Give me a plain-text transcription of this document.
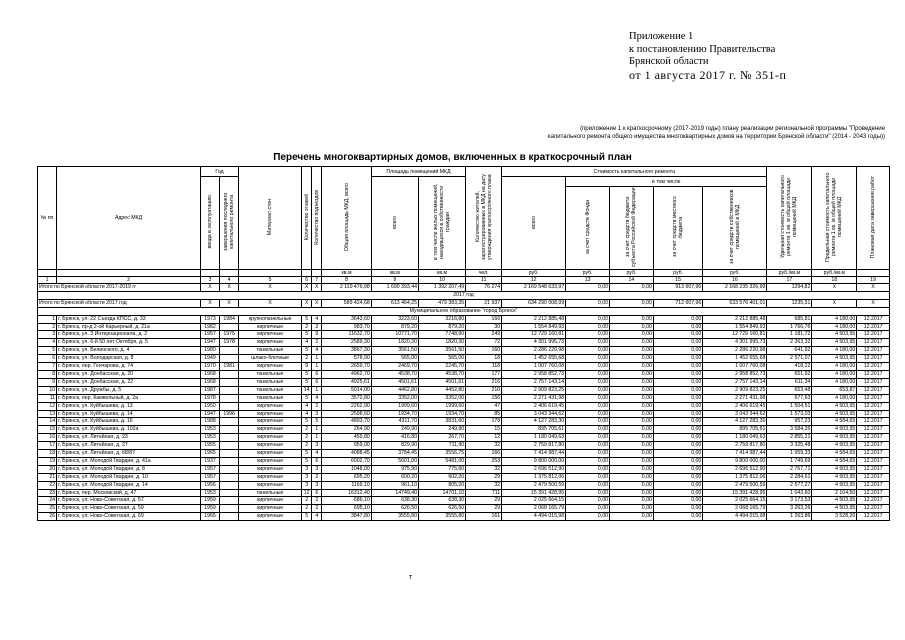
Приложение 1
к постановлению Правительства
Брянской области
от 1 августа 2017 г. № 351-п
(приложение 1 к краткосрочному (2017-2019 годы) плану реализации региональной программы "Проведение
капитального ремонта общего имущества многоквартирных домов на территории Брянской области" (2014 - 2043 годы))
Перечень многоквартирных домов, включенных в краткосрочный план
№ пп	Адрес МКД	Год		Материал стен	Количество этажей	Количество подъездов	Общая площадь МКД, всего	Площадь помещений МКД		Количество жителей, зарегистрированных в МКД на дату утверждения краткосрочного плана	Стоимость капитального ремонта					Удельная стоимость капитального ремонта 1 кв. м общей площади помещений МКД	Предельная стоимость капитального ремонта 1 кв. м общей площади помещений МКД	Плановая дата завершения работ
		ввода в эксплуатацию	завершения последнего капитального ремонта					всего	в том числе жилых помещений, находящихся в собственности граждан		всего	в том числе						
												за счет средств Фонда	за счет средств бюджета субъекта Российской Федерации	за счет средств местного бюджета	за счет средств собственников помещений в МКД			
							кв.м	кв.м	кв.м	чел.	руб.	руб.	руб.	руб.	руб.	руб./кв.м	руб./кв.м	
1	2	3	4	5	6	7	8	9	10	11	12	13	14	15	16	17	18	19
Итого по Брянской области 2017-2019 гг		X	X	X	X	X	2 110 476,98	1 690 393,44	1 392 207,49	76 274	2 169 548 633,97	0,00	0,00	913 607,96	2 168 235 326,99	1294,82	X	X
2017 год																		
Итого по Брянской области 2017 год		X	X	X	X	X	589 424,68	613 464,25	479 383,35	21 937	634 290 008,99	0,00	0,00	712 607,96	633 576 401,01	1235,31	X	X
Муниципальное образование "город Брянск"																		
1	г. Брянск, ул. 22 Съезда КПСС, д. 33	1973	1984	крупнопанельные	5	4	3643,60	3223,60	3216,80	166	2 212 885,48	0,00	0,00	0,00	2 212 885,48	685,81	4 180,00	12.2017
2	г. Брянск, пр-д 2-ой Карьерный, д. 21а	1982		кирпичные	2	2	983,70	879,20	879,20	30	1 554 849,93	0,00	0,00	0,00	1 554 849,93	1 766,76	4 180,00	12.2017
3	г. Брянск, ул. 3 Интернационала, д. 2	1957	1975	кирпичные	5	9	11632,70	10771,70	7748,90	249	12 729 160,81	0,00	0,00	0,00	12 729 160,81	1 181,72	4 503,95	12.2017
4	г. Брянск, ул. 6-й 50 лет Октября, д. 5	1947	1978	кирпичные	4	2	2589,30	1820,30	1820,30	72	4 301 995,73	0,00	0,00	0,00	4 301 995,73	2 363,32	4 503,95	12.2017
5	г. Брянск, ул. Белинского, д. 4	1980		панельные	5	4	3867,30	3561,50	3561,50	160	2 286 220,98	0,00	0,00	0,00	2 286 220,98	641,92	4 180,00	12.2017
6	г. Брянск, ул. Володарская, д. 8	1949		шлако-блочные	2	1	578,90	565,00	565,00	18	1 452 655,68	0,00	0,00	0,00	1 452 655,68	2 571,07	4 503,95	12.2017
7	г. Брянск, пер. Гончарова, д. 74	1970	1981	кирпичные	9	1	2659,70	2469,70	2245,70	118	1 007 760,08	0,00	0,00	0,00	1 007 760,08	418,22	4 180,00	12.2017
8	г. Брянск, ул. Донбасская, д. 20	1968		панельные	5	6	4962,70	4538,70	4538,70	177	2 958 852,73	0,00	0,00	0,00	2 958 852,73	651,92	4 180,00	12.2017
9	г. Брянск, ул. Донбасская, д. 22	1968		панельные	5	6	4925,61	4501,61	4501,61	216	2 757 143,14	0,00	0,00	0,00	2 757 143,14	611,34	4 180,00	12.2017
10	г. Брянск, ул. Дружбы, д. 5	1987		панельные	14	1	5014,00	4462,80	4452,80	210	2 909 823,25	0,00	0,00	0,00	2 909 823,25	653,48	653,87	12.2017
11	г. Брянск, пер. Камвольный, д. 2а	1978		панельные	5	4	3572,80	3352,00	3352,00	156	2 271 431,98	0,00	0,00	0,00	2 271 431,98	677,63	4 180,00	12.2017
12	г. Брянск, ул. Куйбышева, д. 13	1950		кирпичные	4	2	2262,90	1999,60	1999,60	47	2 406 619,45	0,00	0,00	0,00	2 406 619,45	1 504,51	4 503,95	12.2017
13	г. Брянск, ул. Куйбышева, д. 14	1947	1996	кирпичные	4	3	2598,60	1934,70	1934,70	85	3 043 344,62	0,00	0,00	0,00	3 043 344,62	1 573,03	4 503,95	12.2017
14	г. Брянск, ул. Куйбышева, д. 16	1988		кирпичные	5	5	4893,70	4311,70	3831,60	178	4 127 283,30	0,00	0,00	0,00	4 127 283,30	957,23	4 584,65	12.2017
15	г. Брянск, ул. Куйбышева, д. 102а	1953		кирпичные	2	1	264,90	249,90	249,90	15	895 705,61	0,00	0,00	0,00	895 705,61	3 584,26	4 503,95	12.2017
16	г. Брянск, ул. Литейная, д. 23	1953		кирпичные	2	1	459,80	416,80	267,70	12	1 180 049,63	0,00	0,00	0,00	1 180 049,63	2 855,21	4 503,95	12.2017
17	г. Брянск, ул. Литейная, д. 27	1955		кирпичные	2	3	959,00	829,90	711,90	32	2 759 817,80	0,00	0,00	0,00	2 759 817,80	3 325,48	4 503,95	12.2017
18	г. Брянск, ул. Литейная, д. 68/87	1965		кирпичные	5	4	4088,45	3784,45	3556,75	166	7 414 987,44	0,00	0,00	0,00	7 414 987,44	1 959,33	4 584,65	12.2017
19	г. Брянск, ул. Молодой Гвардии, д. 41а	1937		кирпичные	5	6	6002,70	5601,00	5481,00	253	9 800 000,00	0,00	0,00	0,00	9 800 000,00	1 749,69	4 584,65	12.2017
20	г. Брянск, ул. Молодой Гвардии, д. 8	1957		кирпичные	3	3	1048,00	975,90	775,90	32	2 696 512,90	0,00	0,00	0,00	2 696 512,90	2 767,71	4 503,95	12.2017
21	г. Брянск, ул. Молодой Гвардии, д. 10	1957		кирпичные	3	2	695,20	600,20	602,20	29	1 375 812,06	0,00	0,00	0,00	1 375 812,06	2 284,61	4 503,95	12.2017
22	г. Брянск, ул. Молодой Гвардии, д. 14	1956		кирпичные	3	3	1169,10	961,10	805,20	32	2 479 500,59	0,00	0,00	0,00	2 479 500,59	2 577,27	4 503,95	12.2017
23	г. Брянск, пер. Московский, д. 47	1953		панельные	12	6	16312,40	14749,40	14701,10	711	15 391 428,95	0,00	0,00	0,00	15 391 428,95	1 043,60	2 104,50	12.2017
24	г. Брянск, ул. Ново-Советская, д. 57	1959		кирпичные	2	2	686,10	638,30	638,30	29	2 025 664,15	0,00	0,00	0,00	2 025 664,15	3 173,53	4 503,95	12.2017
25	г. Брянск, ул. Ново-Советская, д. 59	1959		кирпичные	2	2	695,10	626,50	626,50	29	2 068 165,79	0,00	0,00	0,00	2 068 165,79	3 263,26	4 503,95	12.2017
26	г. Брянск, ул. Ново-Советская, д. 69	1965		кирпичные	5	4	3847,80	3555,80	3555,80	161	4 494 015,98	0,00	0,00	0,00	4 494 015,98	1 263,86	3 528,20	12.2017
т
